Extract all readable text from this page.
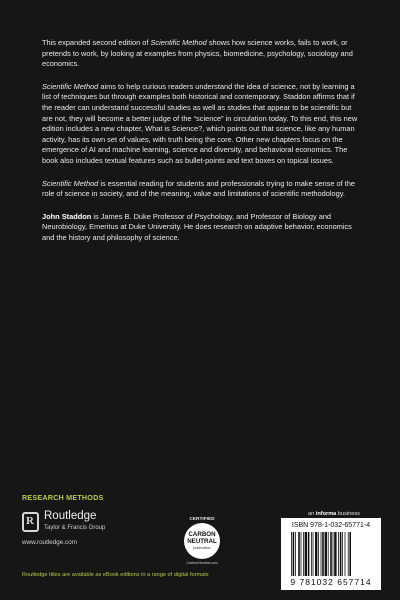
This expanded second edition of Scientific Method shows how science works, fails to work, or pretends to work, by looking at examples from physics, biomedicine, psychology, sociology and economics.

Scientific Method aims to help curious readers understand the idea of science, not by learning a list of techniques but through examples both historical and contemporary. Staddon affirms that if the reader can understand successful studies as well as studies that appear to be scientific but are not, they will become a better judge of the “science” in circulation today. To this end, this new edition includes a new chapter, What is Science?, which points out that science, like any human activity, has its own set of values, with truth being the core. Other new chapters focus on the emergence of AI and machine learning, science and diversity, and behavioral economics. The book also includes textual features such as bullet-points and text boxes on topical issues.

Scientific Method is essential reading for students and professionals trying to make sense of the role of science in society, and of the meaning, value and limitations of scientific methodology.

John Staddon is James B. Duke Professor of Psychology, and Professor of Biology and Neurobiology, Emeritus at Duke University. He does research on adaptive behavior, economics and the history and philosophy of science.

RESEARCH METHODS
R Routledge
Taylor & Francis Group
www.routledge.com
Routledge titles are available as eBook editions in a range of digital formats
CERTIFIED
CARBON NEUTRAL
publication
CarbonNeutral.com
an informa business
ISBN 978-1-032-65771-4
9 781032 657714
